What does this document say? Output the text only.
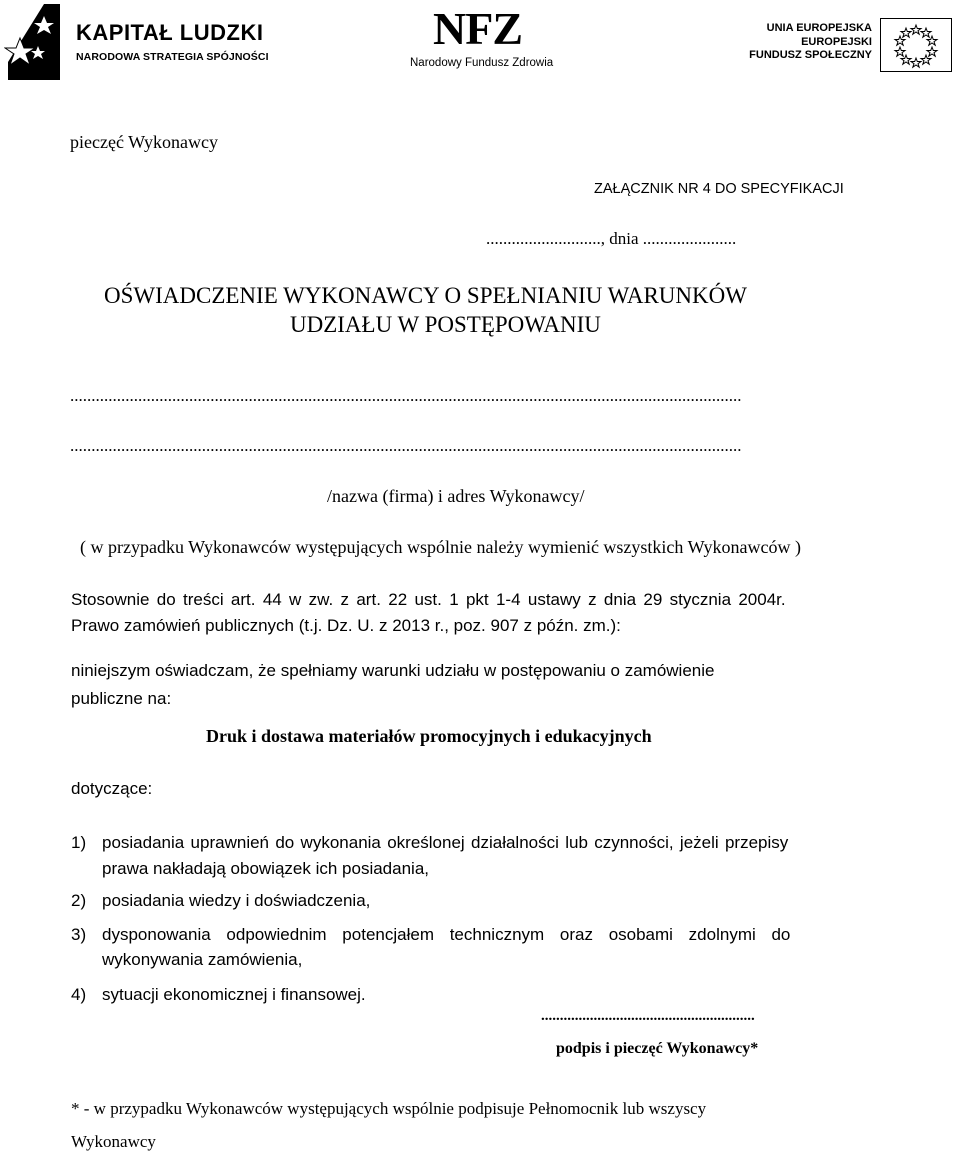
KAPITAŁ LUDZKI
NARODOWA STRATEGIA SPÓJNOŚCI
NFZ
Narodowy Fundusz Zdrowia
UNIA EUROPEJSKA
EUROPEJSKI
FUNDUSZ SPOŁECZNY
pieczęć Wykonawcy
ZAŁĄCZNIK NR 4 DO SPECYFIKACJI
..........................., dnia ......................
OŚWIADCZENIE WYKONAWCY O SPEŁNIANIU WARUNKÓW
UDZIAŁU W POSTĘPOWANIU
..............................................................................................................................................................
..............................................................................................................................................................
/nazwa (firma) i adres Wykonawcy/
( w przypadku Wykonawców występujących wspólnie należy wymienić wszystkich Wykonawców )
Stosownie do treści art. 44 w zw. z art. 22 ust. 1 pkt 1-4 ustawy z dnia 29 stycznia 2004r.
Prawo zamówień publicznych (t.j. Dz. U. z 2013 r., poz. 907 z późn. zm.):
niniejszym oświadczam, że spełniamy warunki udziału w postępowaniu o zamówienie
publiczne na:
Druk i dostawa materiałów promocyjnych i edukacyjnych
dotyczące:
1) posiadania uprawnień do wykonania określonej działalności lub czynności, jeżeli przepisy
prawa nakładają obowiązek ich posiadania,
2) posiadania wiedzy i doświadczenia,
3) dysponowania odpowiednim potencjałem technicznym oraz osobami zdolnymi do
wykonywania zamówienia,
4) sytuacji ekonomicznej i finansowej.
.........................................................
podpis i pieczęć Wykonawcy*
* - w przypadku Wykonawców występujących wspólnie podpisuje Pełnomocnik lub wszyscy
Wykonawcy
